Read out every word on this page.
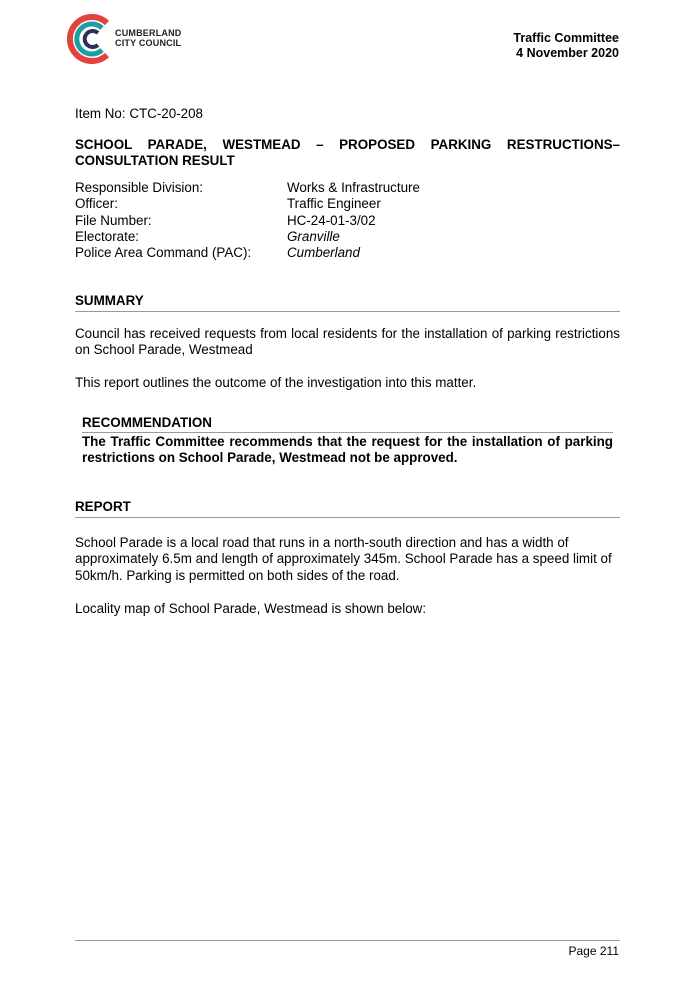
CUMBERLAND
CITY COUNCIL	Traffic Committee
4 November 2020
Item No: CTC-20-208
SCHOOL PARADE, WESTMEAD – PROPOSED PARKING RESTRUCTIONS– CONSULTATION RESULT
Responsible Division:	Works & Infrastructure
Officer:	Traffic Engineer
File Number:	HC-24-01-3/02
Electorate:	Granville
Police Area Command (PAC):	Cumberland
SUMMARY
Council has received requests from local residents for the installation of parking restrictions on School Parade, Westmead
This report outlines the outcome of the investigation into this matter.
RECOMMENDATION
The Traffic Committee recommends that the request for the installation of parking restrictions on School Parade, Westmead not be approved.
REPORT
School Parade is a local road that runs in a north-south direction and has a width of approximately 6.5m and length of approximately 345m. School Parade has a speed limit of 50km/h. Parking is permitted on both sides of the road.
Locality map of School Parade, Westmead is shown below:
Page 211
